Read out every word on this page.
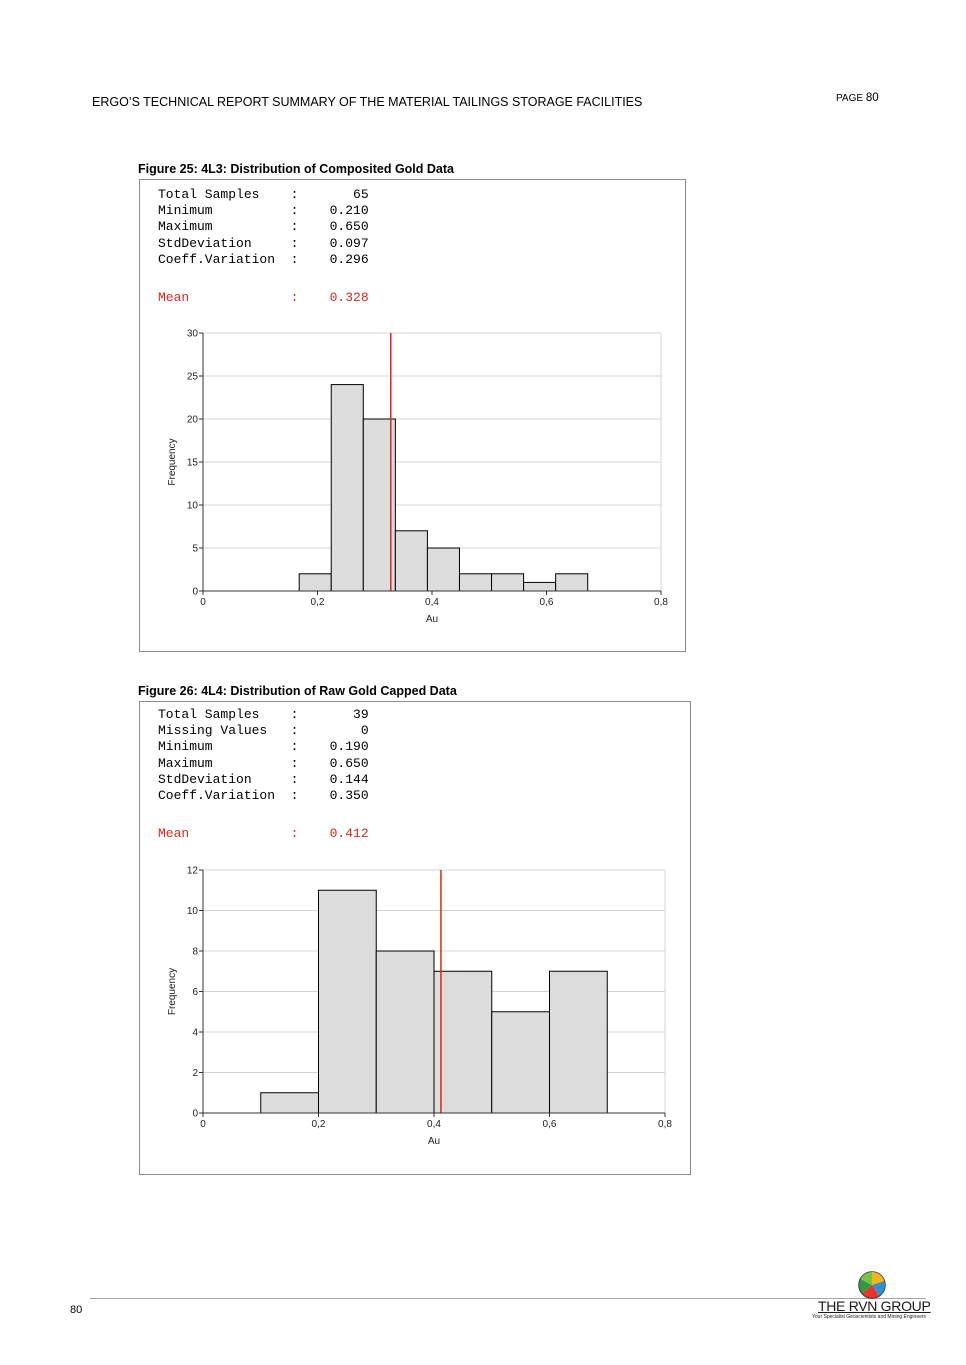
ERGO’S TECHNICAL REPORT SUMMARY OF THE MATERIAL TAILINGS STORAGE FACILITIES	PAGE 80
Figure 25: 4L3: Distribution of Composited Gold Data
Total Samples    :       65
Minimum          :    0.210
Maximum          :    0.650
StdDeviation     :    0.097
Coeff.Variation  :    0.296
Mean             :    0.328
0
5
10
15
20
25
30
0	0,2	0,4	0,6	0,8
Au
Frequency
Figure 26: 4L4: Distribution of Raw Gold Capped Data
Total Samples    :       39
Missing Values   :        0
Minimum          :    0.190
Maximum          :    0.650
StdDeviation     :    0.144
Coeff.Variation  :    0.350
Mean             :    0.412
0
2
4
6
8
10
12
0	0,2	0,4	0,6	0,8
Au
Frequency
80	THE RVN GROUP
Your Specialist Geoscientists and Mining Engineers
